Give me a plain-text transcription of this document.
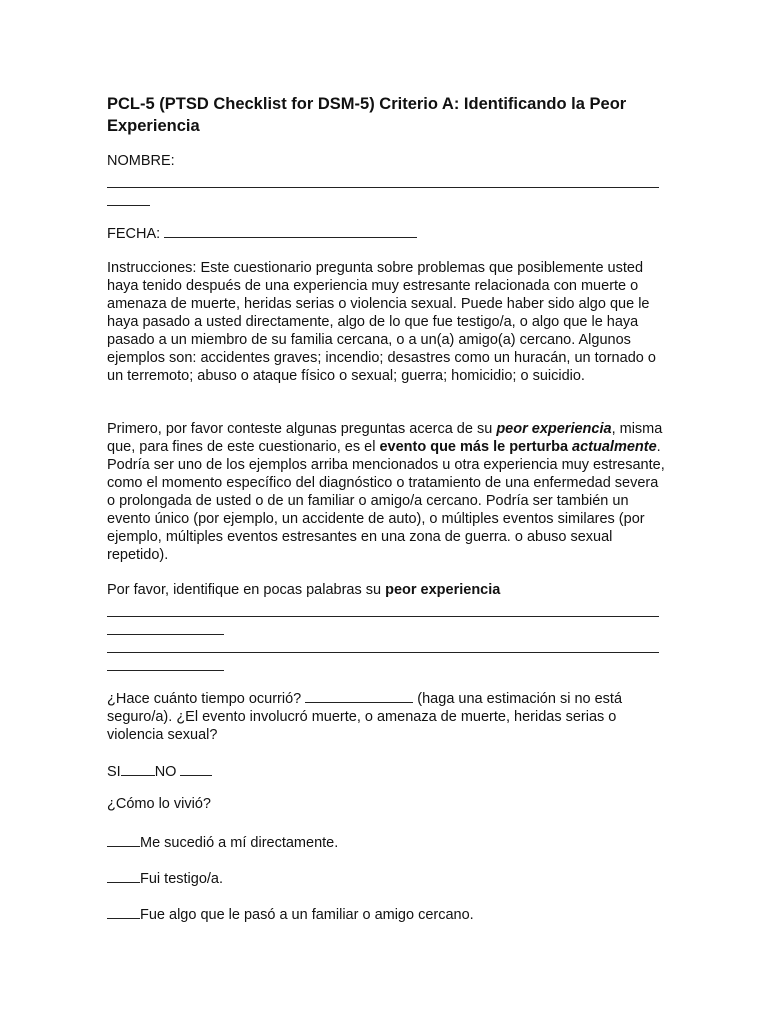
PCL-5 (PTSD Checklist for DSM-5) Criterio A: Identificando la Peor Experiencia
NOMBRE:
FECHA:

Instrucciones: Este cuestionario pregunta sobre problemas que posiblemente usted haya tenido después de una experiencia muy estresante relacionada con muerte o amenaza de muerte, heridas serias o violencia sexual. Puede haber sido algo que le haya pasado a usted directamente, algo de lo que fue testigo/a, o algo que le haya pasado a un miembro de su familia cercana, o a un(a) amigo(a) cercano. Algunos ejemplos son: accidentes graves; incendio; desastres como un huracán, un tornado o un terremoto; abuso o ataque físico o sexual; guerra; homicidio; o suicidio.

Primero, por favor conteste algunas preguntas acerca de su peor experiencia, misma que, para fines de este cuestionario, es el evento que más le perturba actualmente. Podría ser uno de los ejemplos arriba mencionados u otra experiencia muy estresante, como el momento específico del diagnóstico o tratamiento de una enfermedad severa o prolongada de usted o de un familiar o amigo/a cercano. Podría ser también un evento único (por ejemplo, un accidente de auto), o múltiples eventos similares (por ejemplo, múltiples eventos estresantes en una zona de guerra. o abuso sexual repetido).

Por favor, identifique en pocas palabras su peor experiencia

¿Hace cuánto tiempo ocurrió?	(haga una estimación si no está seguro/a). ¿El evento involucró muerte, o amenaza de muerte, heridas serias o violencia sexual?

SI NO
¿Cómo lo vivió?
Me sucedió a mí directamente.
Fui testigo/a.
Fue algo que le pasó a un familiar o amigo cercano.
